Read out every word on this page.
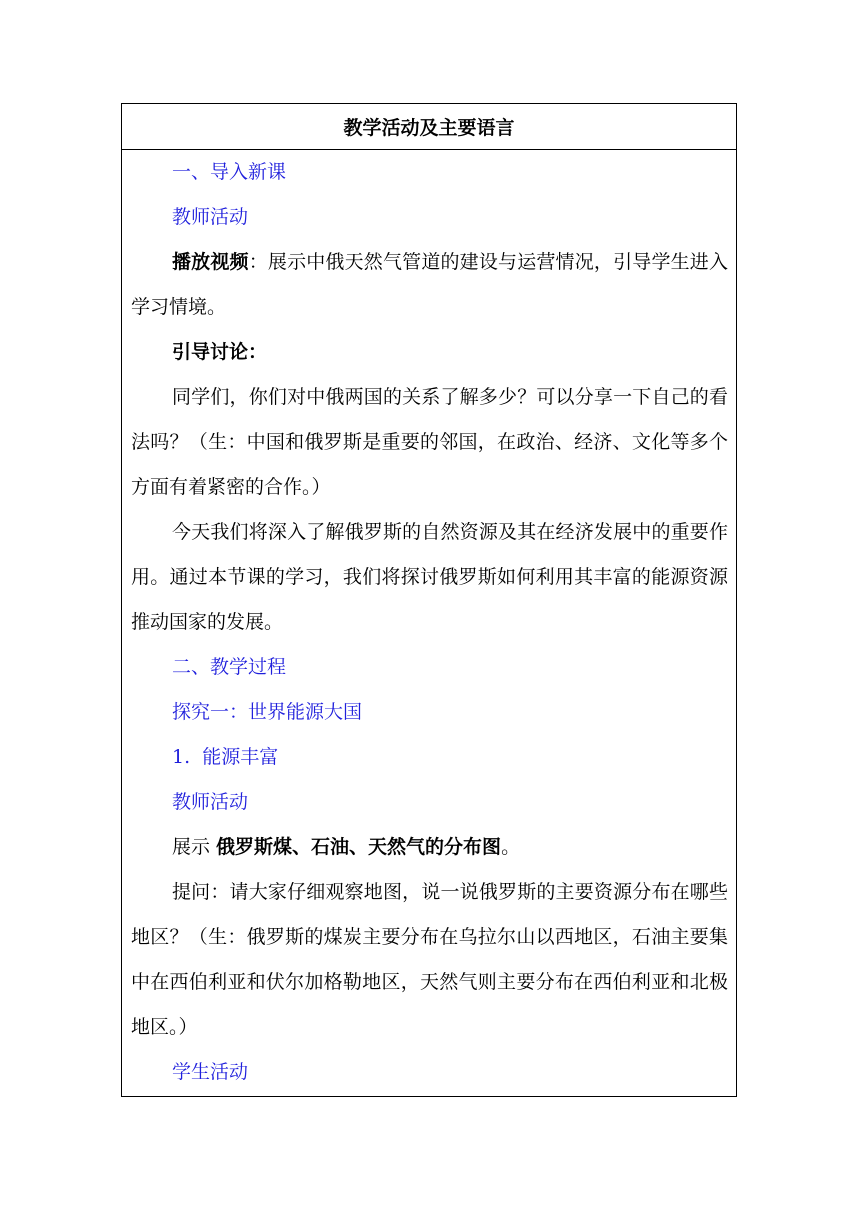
教学活动及主要语言

一、导入新课

教师活动

播放视频：展示中俄天然气管道的建设与运营情况，引导学生进入学习情境。

引导讨论：

同学们，你们对中俄两国的关系了解多少？可以分享一下自己的看法吗？（生：中国和俄罗斯是重要的邻国，在政治、经济、文化等多个方面有着紧密的合作。）

今天我们将深入了解俄罗斯的自然资源及其在经济发展中的重要作用。通过本节课的学习，我们将探讨俄罗斯如何利用其丰富的能源资源推动国家的发展。

二、教学过程

探究一：世界能源大国

1.  能源丰富

教师活动

展示 俄罗斯煤、石油、天然气的分布图。

提问：请大家仔细观察地图，说一说俄罗斯的主要资源分布在哪些地区？（生：俄罗斯的煤炭主要分布在乌拉尔山以西地区，石油主要集中在西伯利亚和伏尔加格勒地区，天然气则主要分布在西伯利亚和北极地区。）

学生活动
